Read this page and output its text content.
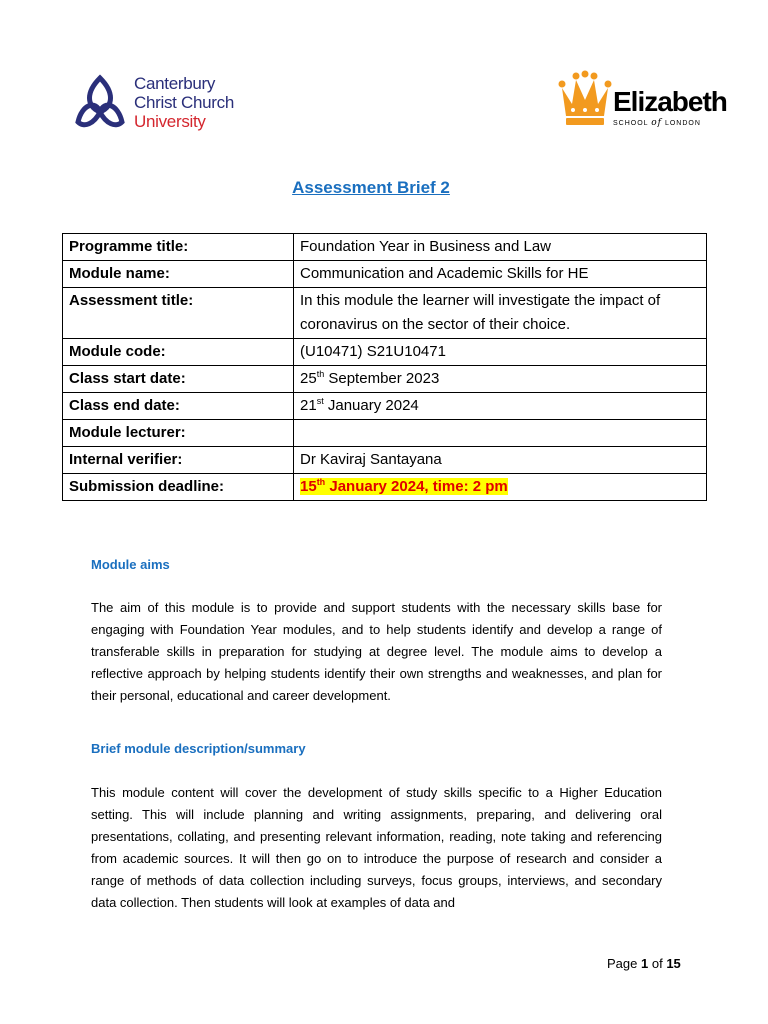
Canterbury
Christ Church
University
Elizabeth
SCHOOL of LONDON
Assessment Brief 2
Programme title:	Foundation Year in Business and Law
Module name:	Communication and Academic Skills for HE
Assessment title:	In this module the learner will investigate the impact of coronavirus on the sector of their choice.
Module code:	(U10471) S21U10471
Class start date:	25th September 2023
Class end date:	21st January 2024
Module lecturer:	
Internal verifier:	Dr Kaviraj Santayana
Submission deadline:	15th January 2024, time: 2 pm
Module aims
The aim of this module is to provide and support students with the necessary skills base for engaging with Foundation Year modules, and to help students identify and develop a range of transferable skills in preparation for studying at degree level. The module aims to develop a reflective approach by helping students identify their own strengths and weaknesses, and plan for their personal, educational and career development.
Brief module description/summary
This module content will cover the development of study skills specific to a Higher Education setting. This will include planning and writing assignments, preparing, and delivering oral presentations, collating, and presenting relevant information, reading, note taking and referencing from academic sources. It will then go on to introduce the purpose of research and consider a range of methods of data collection including surveys, focus groups, interviews, and secondary data collection. Then students will look at examples of data and
Page 1 of 15
